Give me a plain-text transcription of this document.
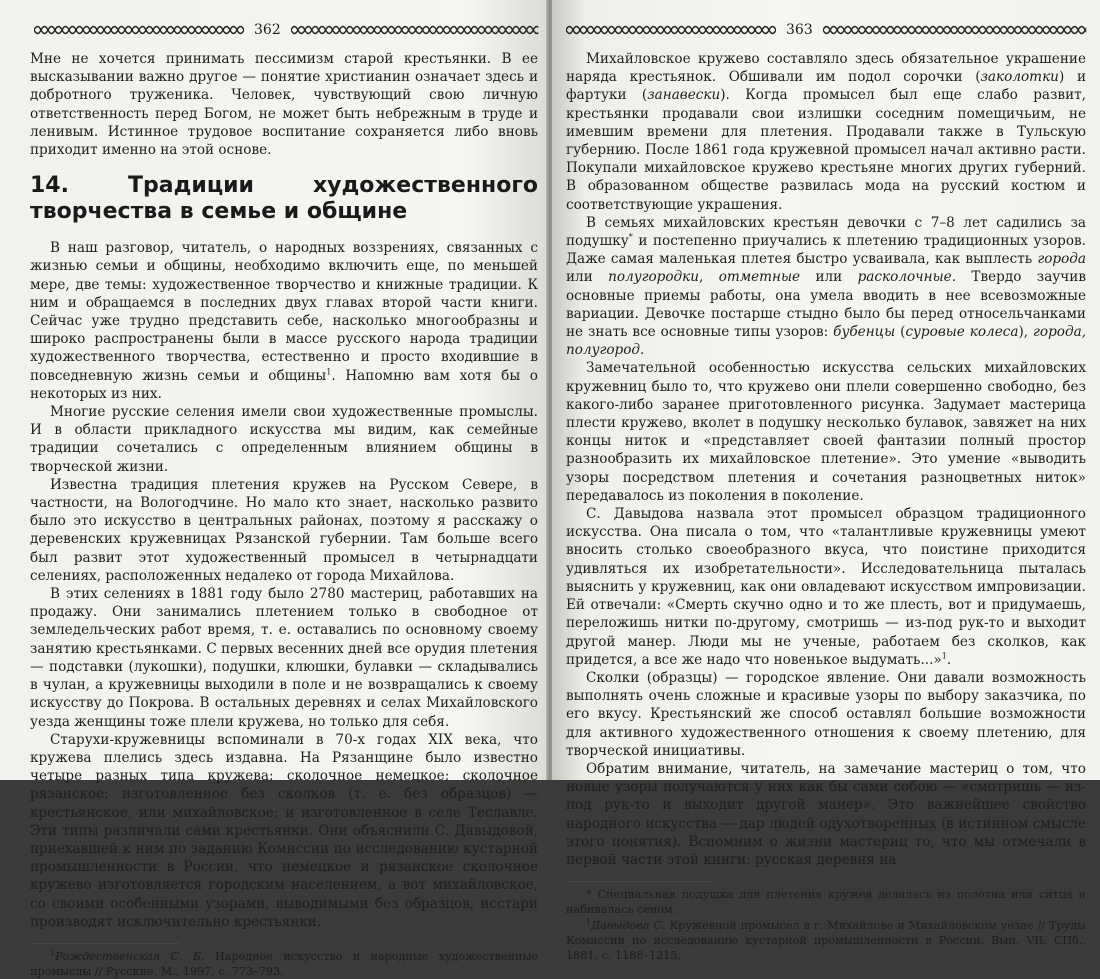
362

Мне не хочется принимать пессимизм старой крестьянки. В ее высказывании важно другое — понятие христианин означает здесь и добротного труженика. Человек, чувствующий свою личную ответственность перед Богом, не может быть небрежным в труде и ленивым. Истинное трудовое воспитание сохраняется либо вновь приходит именно на этой основе.

14.	Традиции художественного творчества в семье и общине

В наш разговор, читатель, о народных воззрениях, связанных с жизнью семьи и общины, необходимо включить еще, по меньшей мере, две темы: художественное творчество и книжные традиции. К ним и обращаемся в последних двух главах второй части книги. Сейчас уже трудно представить себе, насколько многообразны и широко распространены были в массе русского народа традиции художественного творчества, естественно и просто входившие в повседневную жизнь семьи и общины$^1$. Напомню вам хотя бы о некоторых из них.

Многие русские селения имели свои художественные промыслы. И в области прикладного искусства мы видим, как семейные традиции сочетались с определенным влиянием общины в творческой жизни.

Известна традиция плетения кружев на Русском Севере, в частности, на Вологодчине. Но мало кто знает, насколько развито было это искусство в центральных районах, поэтому я расскажу о деревенских кружевницах Рязанской губернии. Там больше всего был развит этот художественный промысел в четырнадцати селениях, расположенных недалеко от города Михайлова.

В этих селениях в 1881 году было 2780 мастериц, работавших на продажу. Они занимались плетением только в свободное от земледельческих работ время, т. е. оставались по основному своему занятию крестьянками. С первых весенних дней все орудия плетения — подставки (лукошки), подушки, клюшки, булавки — складывались в чулан, а кружевницы выходили в поле и не возвращались к своему искусству до Покрова. В остальных деревнях и селах Михайловского уезда женщины тоже плели кружева, но только для себя.

Старухи-кружевницы вспоминали в 70-х годах XIX века, что кружева плелись здесь издавна. На Рязанщине было известно четыре разных типа кружева: сколочное немецкое; сколочное рязанское; изготовленное без сколков (т. е. без образцов) — крестьянское, или михайловское; и изготовленное в селе Теславле. Эти типы различали сами крестьянки. Они объяснили С. Давыдовой, приехавшей к ним по заданию Комиссии по исследованию кустарной промышленности в России, что немецкое и рязанское сколочное кружево изготовляется городским населением, а вот михайловское, со своими особенными узорами, выводимыми без образцов, исстари производят исключительно крестьянки.

$^1$Рождественская С. Б. Народное искусство и народные художественные промыслы // Русские. М., 1997, с. 773–793.

363

Михайловское кружево составляло здесь обязательное украшение наряда крестьянок. Обшивали им подол сорочки (заколотки) и фартуки (занавески). Когда промысел был еще слабо развит, крестьянки продавали свои излишки соседним помещичьим, не имевшим времени для плетения. Продавали также в Тульскую губернию. После 1861 года кружевной промысел начал активно расти. Покупали михайловское кружево крестьяне многих других губерний. В образованном обществе развилась мода на русский костюм и соответствующие украшения.

В семьях михайловских крестьян девочки с 7–8 лет садились за подушку* и постепенно приучались к плетению традиционных узоров. Даже самая маленькая плетея быстро усваивала, как выплесть города или полугородки, отметные или расколочные. Твердо заучив основные приемы работы, она умела вводить в нее всевозможные вариации. Девочке постарше стыдно было бы перед относельчанками не знать все основные типы узоров: бубенцы (суровые колеса), города, полугород.

Замечательной особенностью искусства сельских михайловских кружевниц было то, что кружево они плели совершенно свободно, без какого-либо заранее приготовленного рисунка. Задумает мастерица плести кружево, вколет в подушку несколько булавок, завяжет на них концы ниток и «представляет своей фантазии полный простор разнообразить их михайловское плетение». Это умение «выводить узоры посредством плетения и сочетания разноцветных ниток» передавалось из поколения в поколение.

С. Давыдова назвала этот промысел образцом традиционного искусства. Она писала о том, что «талантливые кружевницы умеют вносить столько своеобразного вкуса, что поистине приходится удивляться их изобретательности». Исследовательница пыталась выяснить у кружевниц, как они овладевают искусством импровизации. Ей отвечали: «Смерть скучно одно и то же плесть, вот и придумаешь, переложишь нитки по-другому, смотришь — из-под рук-то и выходит другой манер. Люди мы не ученые, работаем без сколков, как придется, а все же надо что новенькое выдумать...»$^1$.

Сколки (образцы) — городское явление. Они давали возможность выполнять очень сложные и красивые узоры по выбору заказчика, по его вкусу. Крестьянский же способ оставлял большие возможности для активного художественного отношения к своему плетению, для творческой инициативы.

Обратим внимание, читатель, на замечание мастериц о том, что новые узоры получаются у них как бы сами собою — «смотришь — из-под рук-то и выходит другой манер». Это важнейшее свойство народного искусства — дар людей одухотворенных (в истинном смысле этого понятия). Вспомним о жизни мастериц то, что мы отмечали в первой части этой книги: русская деревня на

* Специальная подушка для плетения кружев делалась из полотна или ситца и набивалась сеном.

$^1$Давыдова С. Кружевной промысел в г. Михайлове и Михайловском уезде // Труды Комиссии по исследованию кустарной промышленности в России. Вып. VII. СПб., 1881, с. 1188–1215.
